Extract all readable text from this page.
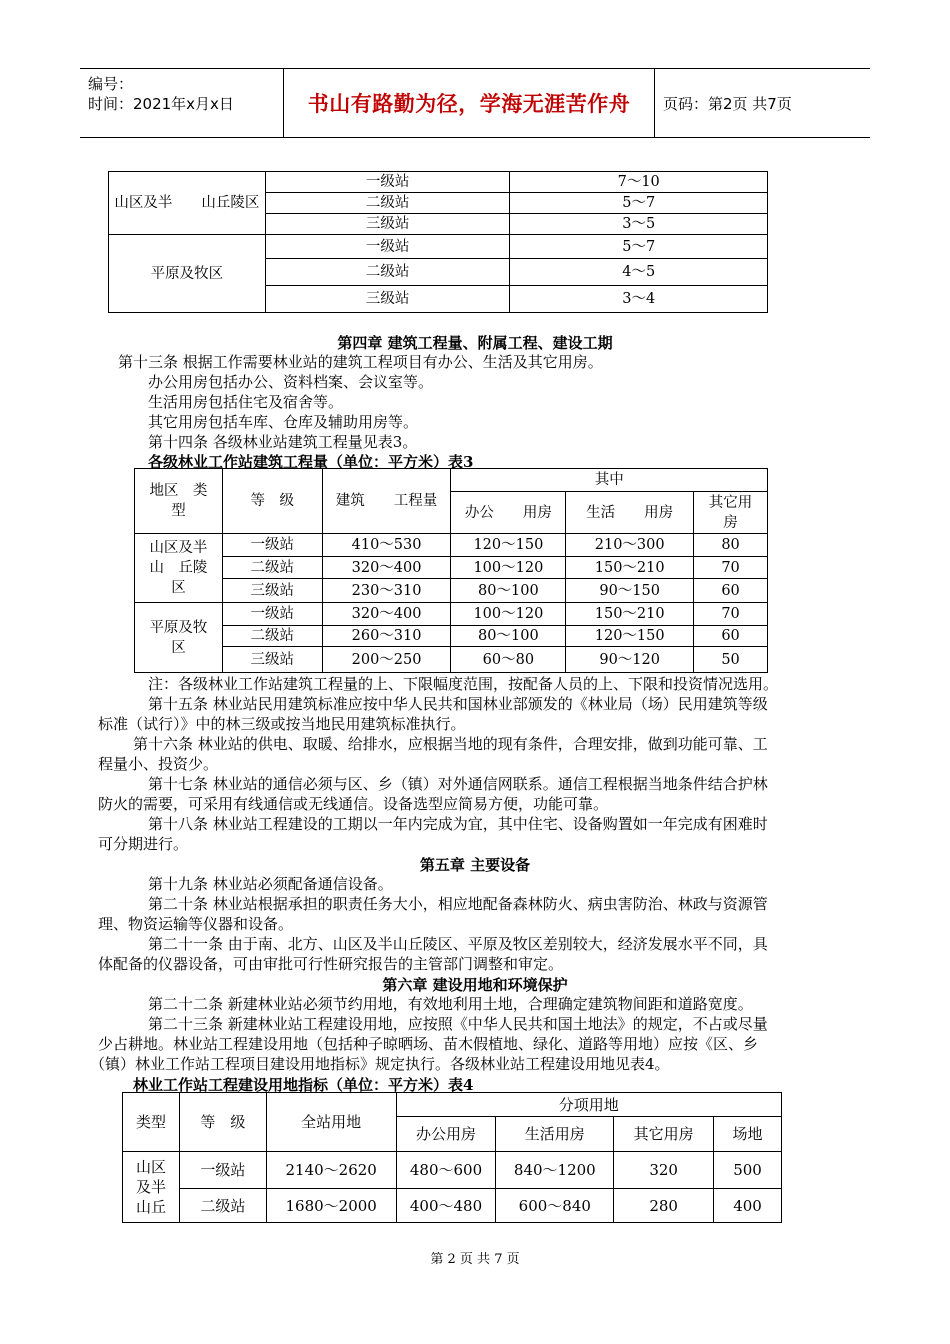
编号：
时间：2021年x月x日	书山有路勤为径，学海无涯苦作舟 页码：第2页 共7页
山区及半　　山丘陵区	一级站	7～10
	二级站	5～7
	三级站	3～5
平原及牧区	一级站	5～7
	二级站	4～5
	三级站	3～4
第四章 建筑工程量、附属工程、建设工期
第十三条 根据工作需要林业站的建筑工程项目有办公、生活及其它用房。
办公用房包括办公、资料档案、会议室等。
生活用房包括住宅及宿舍等。
其它用房包括车库、仓库及辅助用房等。
第十四条 各级林业站建筑工程量见表3。
各级林业工作站建筑工程量（单位：平方米）表3
地区　类型	等　级	建筑　　工程量	其中		
			办公　　用房	生活　　用房	其它用房
山区及半山　丘陵区	一级站	410～530	120～150	210～300	80
	二级站	320～400	100～120	150～210	70
	三级站	230～310	80～100	90～150	60
平原及牧区	一级站	320～400	100～120	150～210	70
	二级站	260～310	80～100	120～150	60
	三级站	200～250	60～80	90～120	50
注：各级林业工作站建筑工程量的上、下限幅度范围，按配备人员的上、下限和投资情况选用。
第十五条 林业站民用建筑标准应按中华人民共和国林业部颁发的《林业局（场）民用建筑等级
标准（试行）》中的林三级或按当地民用建筑标准执行。
第十六条 林业站的供电、取暖、给排水，应根据当地的现有条件，合理安排，做到功能可靠、工
程量小、投资少。
第十七条 林业站的通信必须与区、乡（镇）对外通信网联系。通信工程根据当地条件结合护林
防火的需要，可采用有线通信或无线通信。设备选型应简易方便，功能可靠。
第十八条 林业站工程建设的工期以一年内完成为宜，其中住宅、设备购置如一年完成有困难时
可分期进行。
第五章 主要设备
第十九条 林业站必须配备通信设备。
第二十条 林业站根据承担的职责任务大小，相应地配备森林防火、病虫害防治、林政与资源管
理、物资运输等仪器和设备。
第二十一条 由于南、北方、山区及半山丘陵区、平原及牧区差别较大，经济发展水平不同，具
体配备的仪器设备，可由审批可行性研究报告的主管部门调整和审定。
第六章 建设用地和环境保护
第二十二条 新建林业站必须节约用地，有效地利用土地，合理确定建筑物间距和道路宽度。
第二十三条 新建林业站工程建设用地，应按照《中华人民共和国土地法》的规定，不占或尽量
少占耕地。林业站工程建设用地（包括种子晾晒场、苗木假植地、绿化、道路等用地）应按《区、乡
（镇）林业工作站工程项目建设用地指标》规定执行。各级林业站工程建设用地见表4。
林业工作站工程建设用地指标（单位：平方米）表4
类型	等　级	全站用地	分项用地			
			办公用房	生活用房	其它用房	场地
山区及半山丘	一级站	2140～2620	480～600	840～1200	320	500
	二级站	1680～2000	400～480	600～840	280	400
第 2 页 共 7 页
